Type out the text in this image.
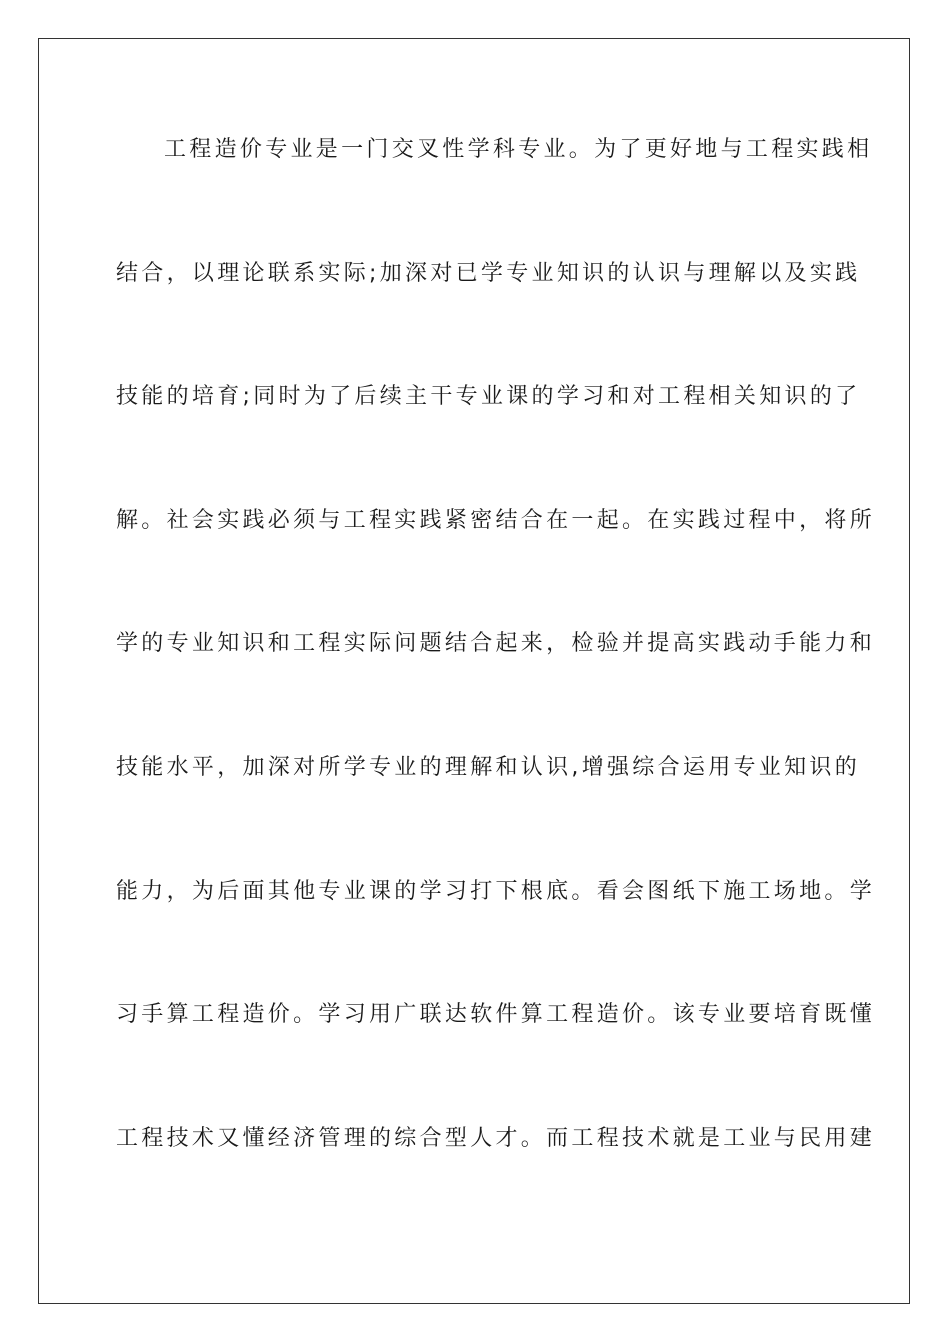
工程造价专业是一门交叉性学科专业。为了更好地与工程实践相

结合，以理论联系实际;加深对已学专业知识的认识与理解以及实践

技能的培育;同时为了后续主干专业课的学习和对工程相关知识的了

解。社会实践必须与工程实践紧密结合在一起。在实践过程中，将所

学的专业知识和工程实际问题结合起来，检验并提高实践动手能力和

技能水平，加深对所学专业的理解和认识,增强综合运用专业知识的

能力，为后面其他专业课的学习打下根底。看会图纸下施工场地。学

习手算工程造价。学习用广联达软件算工程造价。该专业要培育既懂

工程技术又懂经济管理的综合型人才。而工程技术就是工业与民用建
